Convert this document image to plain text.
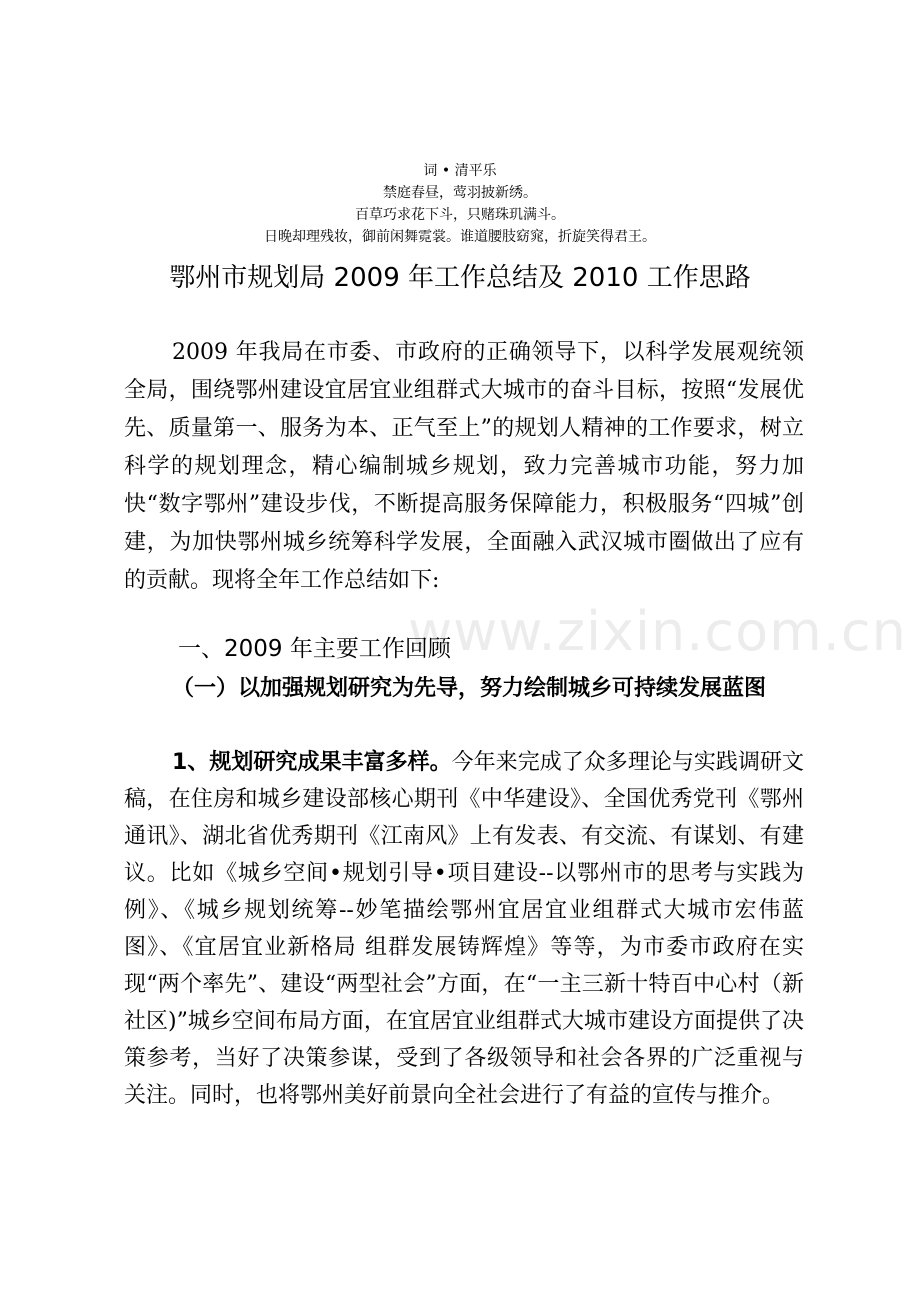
词 • 清平乐
禁庭春昼，莺羽披新绣。
百草巧求花下斗，只赌珠玑满斗。
日晚却理残妆，御前闲舞霓裳。谁道腰肢窈窕，折旋笑得君王。
鄂州市规划局 2009 年工作总结及 2010 工作思路
2009 年我局在市委、市政府的正确领导下，以科学发展观统领全局，围绕鄂州建设宜居宜业组群式大城市的奋斗目标，按照“发展优先、质量第一、服务为本、正气至上”的规划人精神的工作要求，树立科学的规划理念，精心编制城乡规划，致力完善城市功能，努力加快“数字鄂州”建设步伐，不断提高服务保障能力，积极服务“四城”创建，为加快鄂州城乡统筹科学发展，全面融入武汉城市圈做出了应有的贡献。现将全年工作总结如下:
www.zixin.com.cn
一、2009 年主要工作回顾
（一）以加强规划研究为先导，努力绘制城乡可持续发展蓝图
1、规划研究成果丰富多样。今年来完成了众多理论与实践调研文稿，在住房和城乡建设部核心期刊《中华建设》、全国优秀党刊《鄂州通讯》、湖北省优秀期刊《江南风》上有发表、有交流、有谋划、有建议。比如《城乡空间•规划引导•项目建设--以鄂州市的思考与实践为例》、《城乡规划统筹--妙笔描绘鄂州宜居宜业组群式大城市宏伟蓝图》、《宜居宜业新格局 组群发展铸辉煌》等等，为市委市政府在实现“两个率先”、建设“两型社会”方面，在“一主三新十特百中心村（新社区)”城乡空间布局方面，在宜居宜业组群式大城市建设方面提供了决策参考，当好了决策参谋，受到了各级领导和社会各界的广泛重视与关注。同时，也将鄂州美好前景向全社会进行了有益的宣传与推介。
